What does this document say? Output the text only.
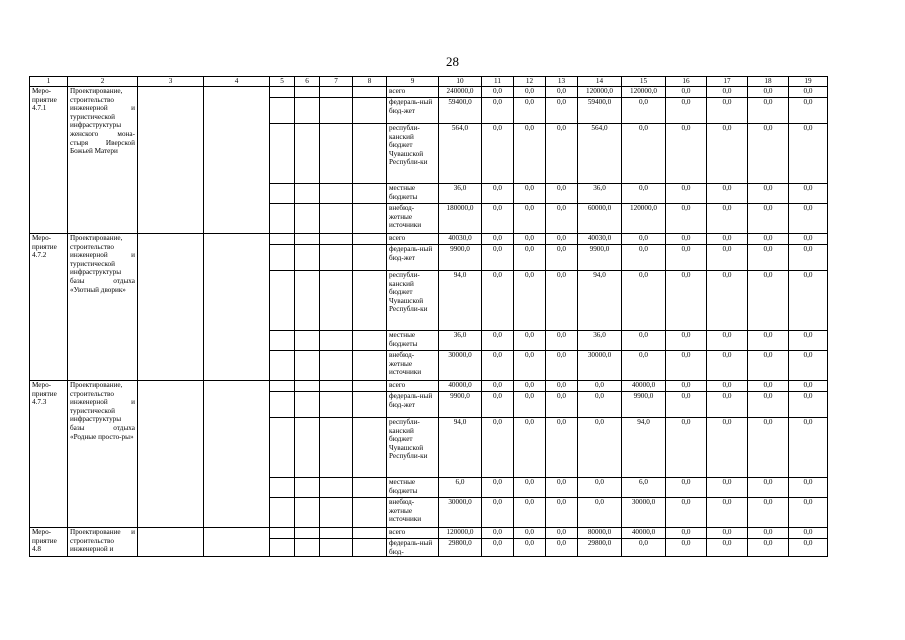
28
1	2	3	4	5	6	7	8	9	10	11	12	13	14	15	16	17	18	19
Меро-
приятие
4.7.1	Проектирование, строительство инженерной и туристической инфраструктуры женского мона-стыря Иверской Божьей Матери							всего	240000,0	0,0	0,0	0,0	120000,0	120000,0	0,0	0,0	0,0	0,0
								федераль-ный бюд-жет	59400,0	0,0	0,0	0,0	59400,0	0,0	0,0	0,0	0,0	0,0
								республи-канский бюджет Чувашской Республи-ки	564,0	0,0	0,0	0,0	564,0	0,0	0,0	0,0	0,0	0,0
								местные бюджеты	36,0	0,0	0,0	0,0	36,0	0,0	0,0	0,0	0,0	0,0
								внебюд-жетные источники	180000,0	0,0	0,0	0,0	60000,0	120000,0	0,0	0,0	0,0	0,0
Меро-
приятие
4.7.2	Проектирование, строительство инженерной и туристической инфраструктуры базы отдыха «Уютный дворик»							всего	40030,0	0,0	0,0	0,0	40030,0	0,0	0,0	0,0	0,0	0,0
								федераль-ный бюд-жет	9900,0	0,0	0,0	0,0	9900,0	0,0	0,0	0,0	0,0	0,0
								республи-канский бюджет Чувашской Республи-ки	94,0	0,0	0,0	0,0	94,0	0,0	0,0	0,0	0,0	0,0
								местные бюджеты	36,0	0,0	0,0	0,0	36,0	0,0	0,0	0,0	0,0	0,0
								внебюд-жетные источники	30000,0	0,0	0,0	0,0	30000,0	0,0	0,0	0,0	0,0	0,0
Меро-
приятие
4.7.3	Проектирование, строительство инженерной и туристической инфраструктуры базы отдыха «Родные просто-ры»							всего	40000,0	0,0	0,0	0,0	0,0	40000,0	0,0	0,0	0,0	0,0
								федераль-ный бюд-жет	9900,0	0,0	0,0	0,0	0,0	9900,0	0,0	0,0	0,0	0,0
								республи-канский бюджет Чувашской Республи-ки	94,0	0,0	0,0	0,0	0,0	94,0	0,0	0,0	0,0	0,0
								местные бюджеты	6,0	0,0	0,0	0,0	0,0	6,0	0,0	0,0	0,0	0,0
								внебюд-жетные источники	30000,0	0,0	0,0	0,0	0,0	30000,0	0,0	0,0	0,0	0,0
Меро-
приятие
4.8	Проектирование и строительство инженерной и							всего	120000,0	0,0	0,0	0,0	80000,0	40000,0	0,0	0,0	0,0	0,0
								федераль-ный бюд-	29800,0	0,0	0,0	0,0	29800,0	0,0	0,0	0,0	0,0	0,0
